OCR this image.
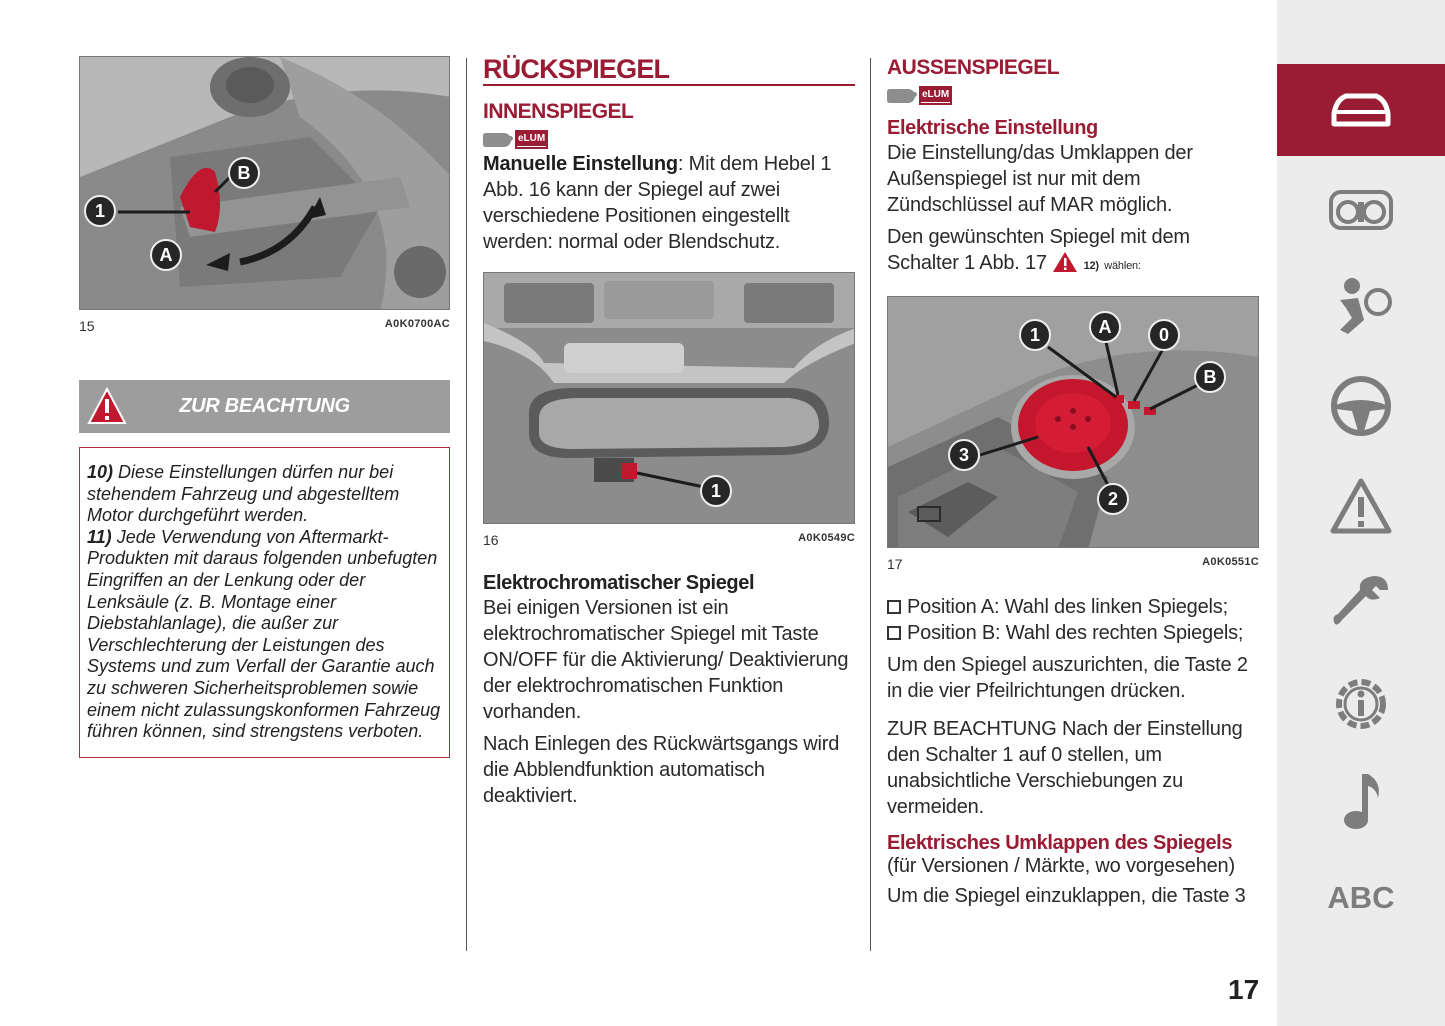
1
B
A
15	A0K0700AC
ZUR BEACHTUNG
10) Diese Einstellungen dürfen nur bei stehendem Fahrzeug und abgestelltem Motor durchgeführt werden.
11) Jede Verwendung von Aftermarkt-Produkten mit daraus folgenden unbefugten Eingriffen an der Lenkung oder der Lenksäule (z. B. Montage einer Diebstahlanlage), die außer zur Verschlechterung der Leistungen des Systems und zum Verfall der Garantie auch zu schweren Sicherheitsproblemen sowie einem nicht zulassungskonformen Fahrzeug führen können, sind strengstens verboten.
RÜCKSPIEGEL
INNENSPIEGEL
eLUM

Manuelle Einstellung: Mit dem Hebel 1 Abb. 16 kann der Spiegel auf zwei verschiedene Positionen eingestellt werden: normal oder Blendschutz.

1
16	A0K0549C
Elektrochromatischer Spiegel

Bei einigen Versionen ist ein elektrochromatischer Spiegel mit Taste ON/OFF für die Aktivierung/ Deaktivierung der elektrochromatischen Funktion vorhanden.

Nach Einlegen des Rückwärtsgangs wird die Abblendfunktion automatisch deaktiviert.

AUSSENSPIEGEL
eLUM
Elektrische Einstellung

Die Einstellung/das Umklappen der Außenspiegel ist nur mit dem Zündschlüssel auf MAR möglich.

Den gewünschten Spiegel mit dem Schalter 1 Abb. 17	12) wählen:

1	A	0
B
3
2
17	A0K0551C

Position A: Wahl des linken Spiegels;

Position B: Wahl des rechten Spiegels;

Um den Spiegel auszurichten, die Taste 2 in die vier Pfeilrichtungen drücken.

ZUR BEACHTUNG Nach der Einstellung den Schalter 1 auf 0 stellen, um unabsichtliche Verschiebungen zu vermeiden.

Elektrisches Umklappen des Spiegels

(für Versionen / Märkte, wo vorgesehen)

Um die Spiegel einzuklappen, die Taste 3

17
ABC
